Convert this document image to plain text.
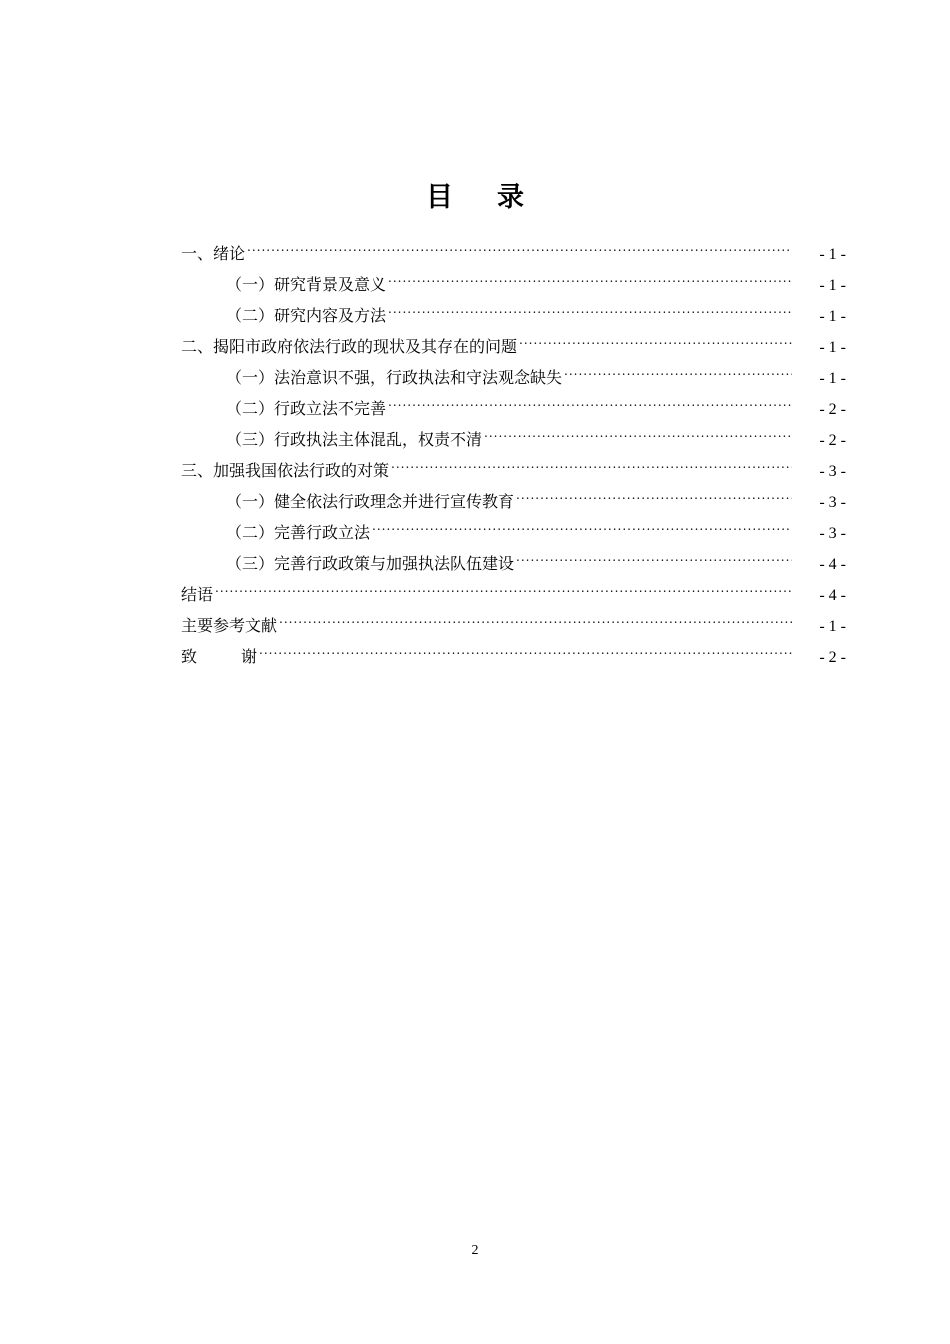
目 录
一、绪论 .....	- 1 -
（一）研究背景及意义 .....	- 1 -
（二）研究内容及方法 .....	- 1 -
二、揭阳市政府依法行政的现状及其存在的问题 .....	- 1 -
（一）法治意识不强，行政执法和守法观念缺失 .....	- 1 -
（二）行政立法不完善 .....	- 2 -
（三）行政执法主体混乱，权责不清 .....	- 2 -
三、加强我国依法行政的对策 .....	- 3 -
（一）健全依法行政理念并进行宣传教育 .....	- 3 -
（二）完善行政立法 .....	- 3 -
（三）完善行政政策与加强执法队伍建设 .....	- 4 -
结语 .....	- 4 -
主要参考文献 .....	- 1 -
致	谢 .....	- 2 -
2
